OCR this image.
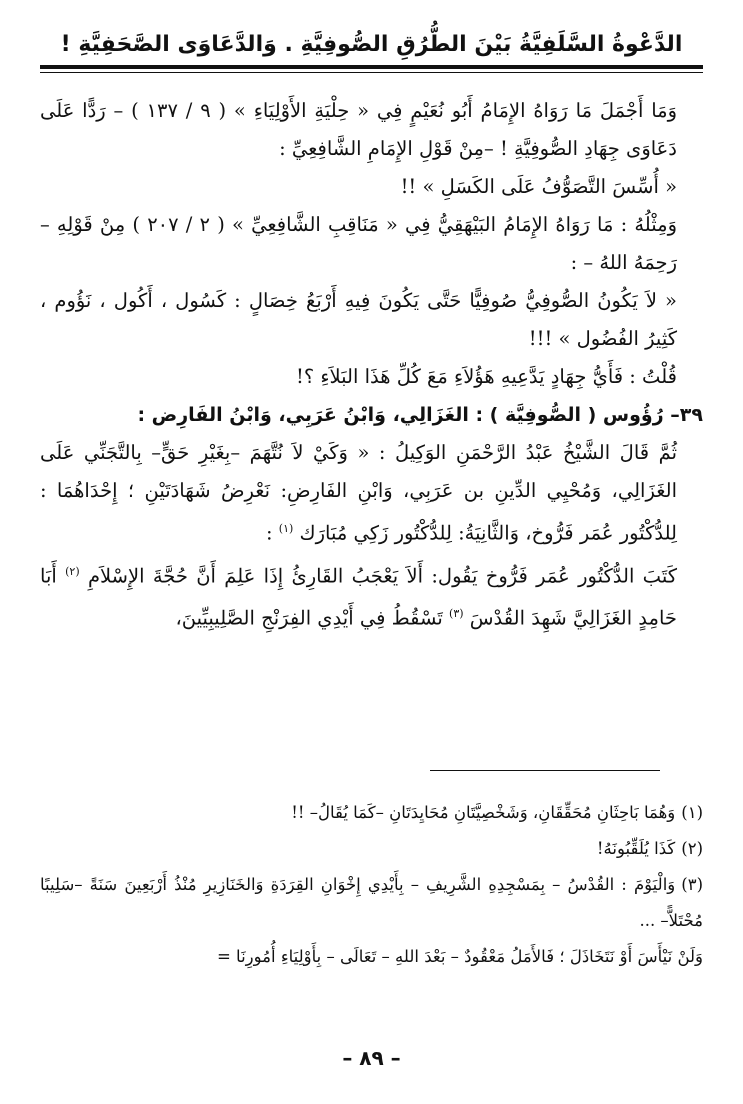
الدَّعْوةُ السَّلَفِيَّةُ بَيْنَ الطُّرُقِ الصُّوفِيَّةِ . وَالدَّعَاوَى الصَّحَفِيَّةِ !

وَمَا أَجْمَلَ مَا رَوَاهُ الإِمَامُ أَبُو نُعَيْمٍ فِي « حِلْيَةِ الأَوْلِيَاءِ » ( ٩ / ١٣٧ ) – رَدًّا عَلَى دَعَاوَى جِهَادِ الصُّوفِيَّةِ ! –مِنْ قَوْلِ الإِمَامِ الشَّافِعِيِّ :

« أُسِّسَ التَّصَوُّفُ عَلَى الكَسَلِ » !!

وَمِثْلُهُ : مَا رَوَاهُ الإِمَامُ البَيْهَقِيُّ فِي « مَنَاقِبِ الشَّافِعِيِّ » ( ٢ / ٢٠٧ ) مِنْ قَوْلِهِ –رَحِمَهُ اللهُ – :

« لاَ يَكُونُ الصُّوفِيُّ صُوفِيًّا حَتَّى يَكُونَ فِيهِ أَرْبَعُ خِصَالٍ : كَسُول ، أَكُول ، نَؤُوم ، كَثِيرُ الفُضُول » !!!

قُلْتُ : فَأَيُّ جِهَادٍ يَدَّعِيهِ هَؤُلاَءِ مَعَ كُلِّ هَذَا البَلاَءِ ؟!

٣٩– رُؤُوس ( الصُّوفِيَّة ) : الغَزَالِي، وَابْنُ عَرَبِي، وَابْنُ الفَارِض :

ثُمَّ قَالَ الشَّيْخُ عَبْدُ الرَّحْمَنِ الوَكِيلُ : « وَكَيْ لاَ نُتَّهَمَ –بِغَيْرِ حَقٍّ– بِالتَّجَنِّي عَلَى الغَزَالِي، وَمُحْيِي الدِّينِ بن عَرَبِي، وَابْنِ الفَارِضِ: نَعْرِضُ شَهَادَتَيْنِ ؛ إِحْدَاهُمَا : لِلدُّكْتُور عُمَر فَرُّوخ، وَالثَّانِيَةُ: لِلدُّكْتُور زَكِي مُبَارَك $^{(١)}$ :

كَتَبَ الدُّكْتُور عُمَر فَرُّوخ يَقُول: أَلاَ يَعْجَبُ القَارِئُ إِذَا عَلِمَ أَنَّ حُجَّةَ الإِسْلاَمِ $^{(٢)}$ أَبَا حَامِدٍ الغَزَالِيَّ شَهِدَ القُدْسَ $^{(٣)}$ تَسْقُطُ فِي أَيْدِي الفِرَنْجِ الصَّلِيبِيِّينَ،

(١)وَهُمَا بَاحِثَانِ مُحَقِّقَانِ، وَشَخْصِيَّتَانِ مُحَايِدَتَانِ –كَمَا يُقَالُ– !!

(٢)كَذَا يُلَقِّبُونَهُ!

(٣)وَالْيَوْمَ : القُدْسُ – بِمَسْجِدِهِ الشَّرِيفِ – بِأَيْدِي إِخْوَانِ القِرَدَةِ وَالخَنَازِيرِ مُنْذُ أَرْبَعِينَ سَنَةً –سَلِيبًا مُحْتَلاًّ– ...

وَلَنْ نَيْأَسَ أَوْ نَتَخَاذَلَ ؛ فَالأَمَلُ مَعْقُودٌ – بَعْدَ اللهِ – تَعَالَى – بِأَوْلِيَاءِ أُمُورِنَا =

– ٨٩ –
